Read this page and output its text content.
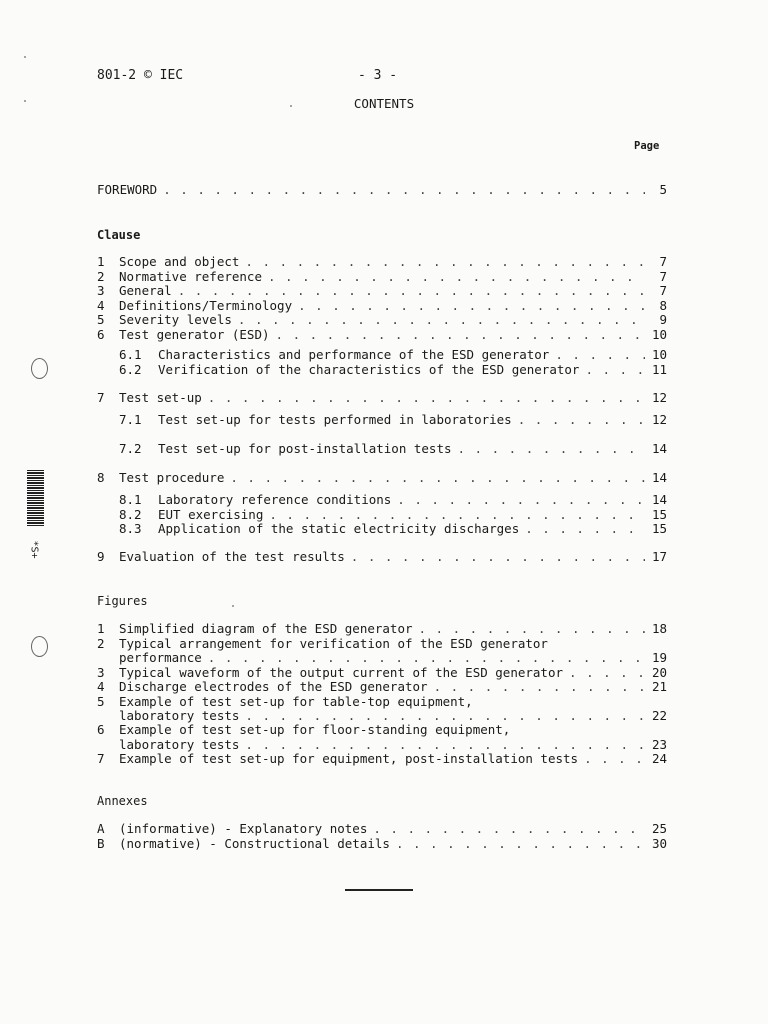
801-2 © IEC	- 3 -
CONTENTS
Page
FOREWORD . . .	5
Clause
1	Scope and object . . .	7
2	Normative reference . . .	7
3	General . . .	7
4	Definitions/Terminology . . .	8
5	Severity levels . . .	9
6	Test generator (ESD) . . .	10
6.1	Characteristics and performance of the ESD generator . . .	10
6.2	Verification of the characteristics of the ESD generator . . .	11
7	Test set-up . . .	12
7.1	Test set-up for tests performed in laboratories . . .	12
7.2	Test set-up for post-installation tests . . .	14
8	Test procedure . . .	14
8.1	Laboratory reference conditions . . .	14
8.2	EUT exercising . . .	15
8.3	Application of the static electricity discharges . . .	15
9	Evaluation of the test results . . .	17
Figures
1	Simplified diagram of the ESD generator . . .	18
2	Typical arrangement for verification of the ESD generator
performance . . .	19
3	Typical waveform of the output current of the ESD generator . . .	20
4	Discharge electrodes of the ESD generator . . .	21
5	Example of test set-up for table-top equipment,
laboratory tests . . .	22
6	Example of test set-up for floor-standing equipment,
laboratory tests . . .	23
7	Example of test set-up for equipment, post-installation tests . . .	24
Annexes
A	(informative) - Explanatory notes . . .	25
B	(normative) - Constructional details . . .	30
*S+
